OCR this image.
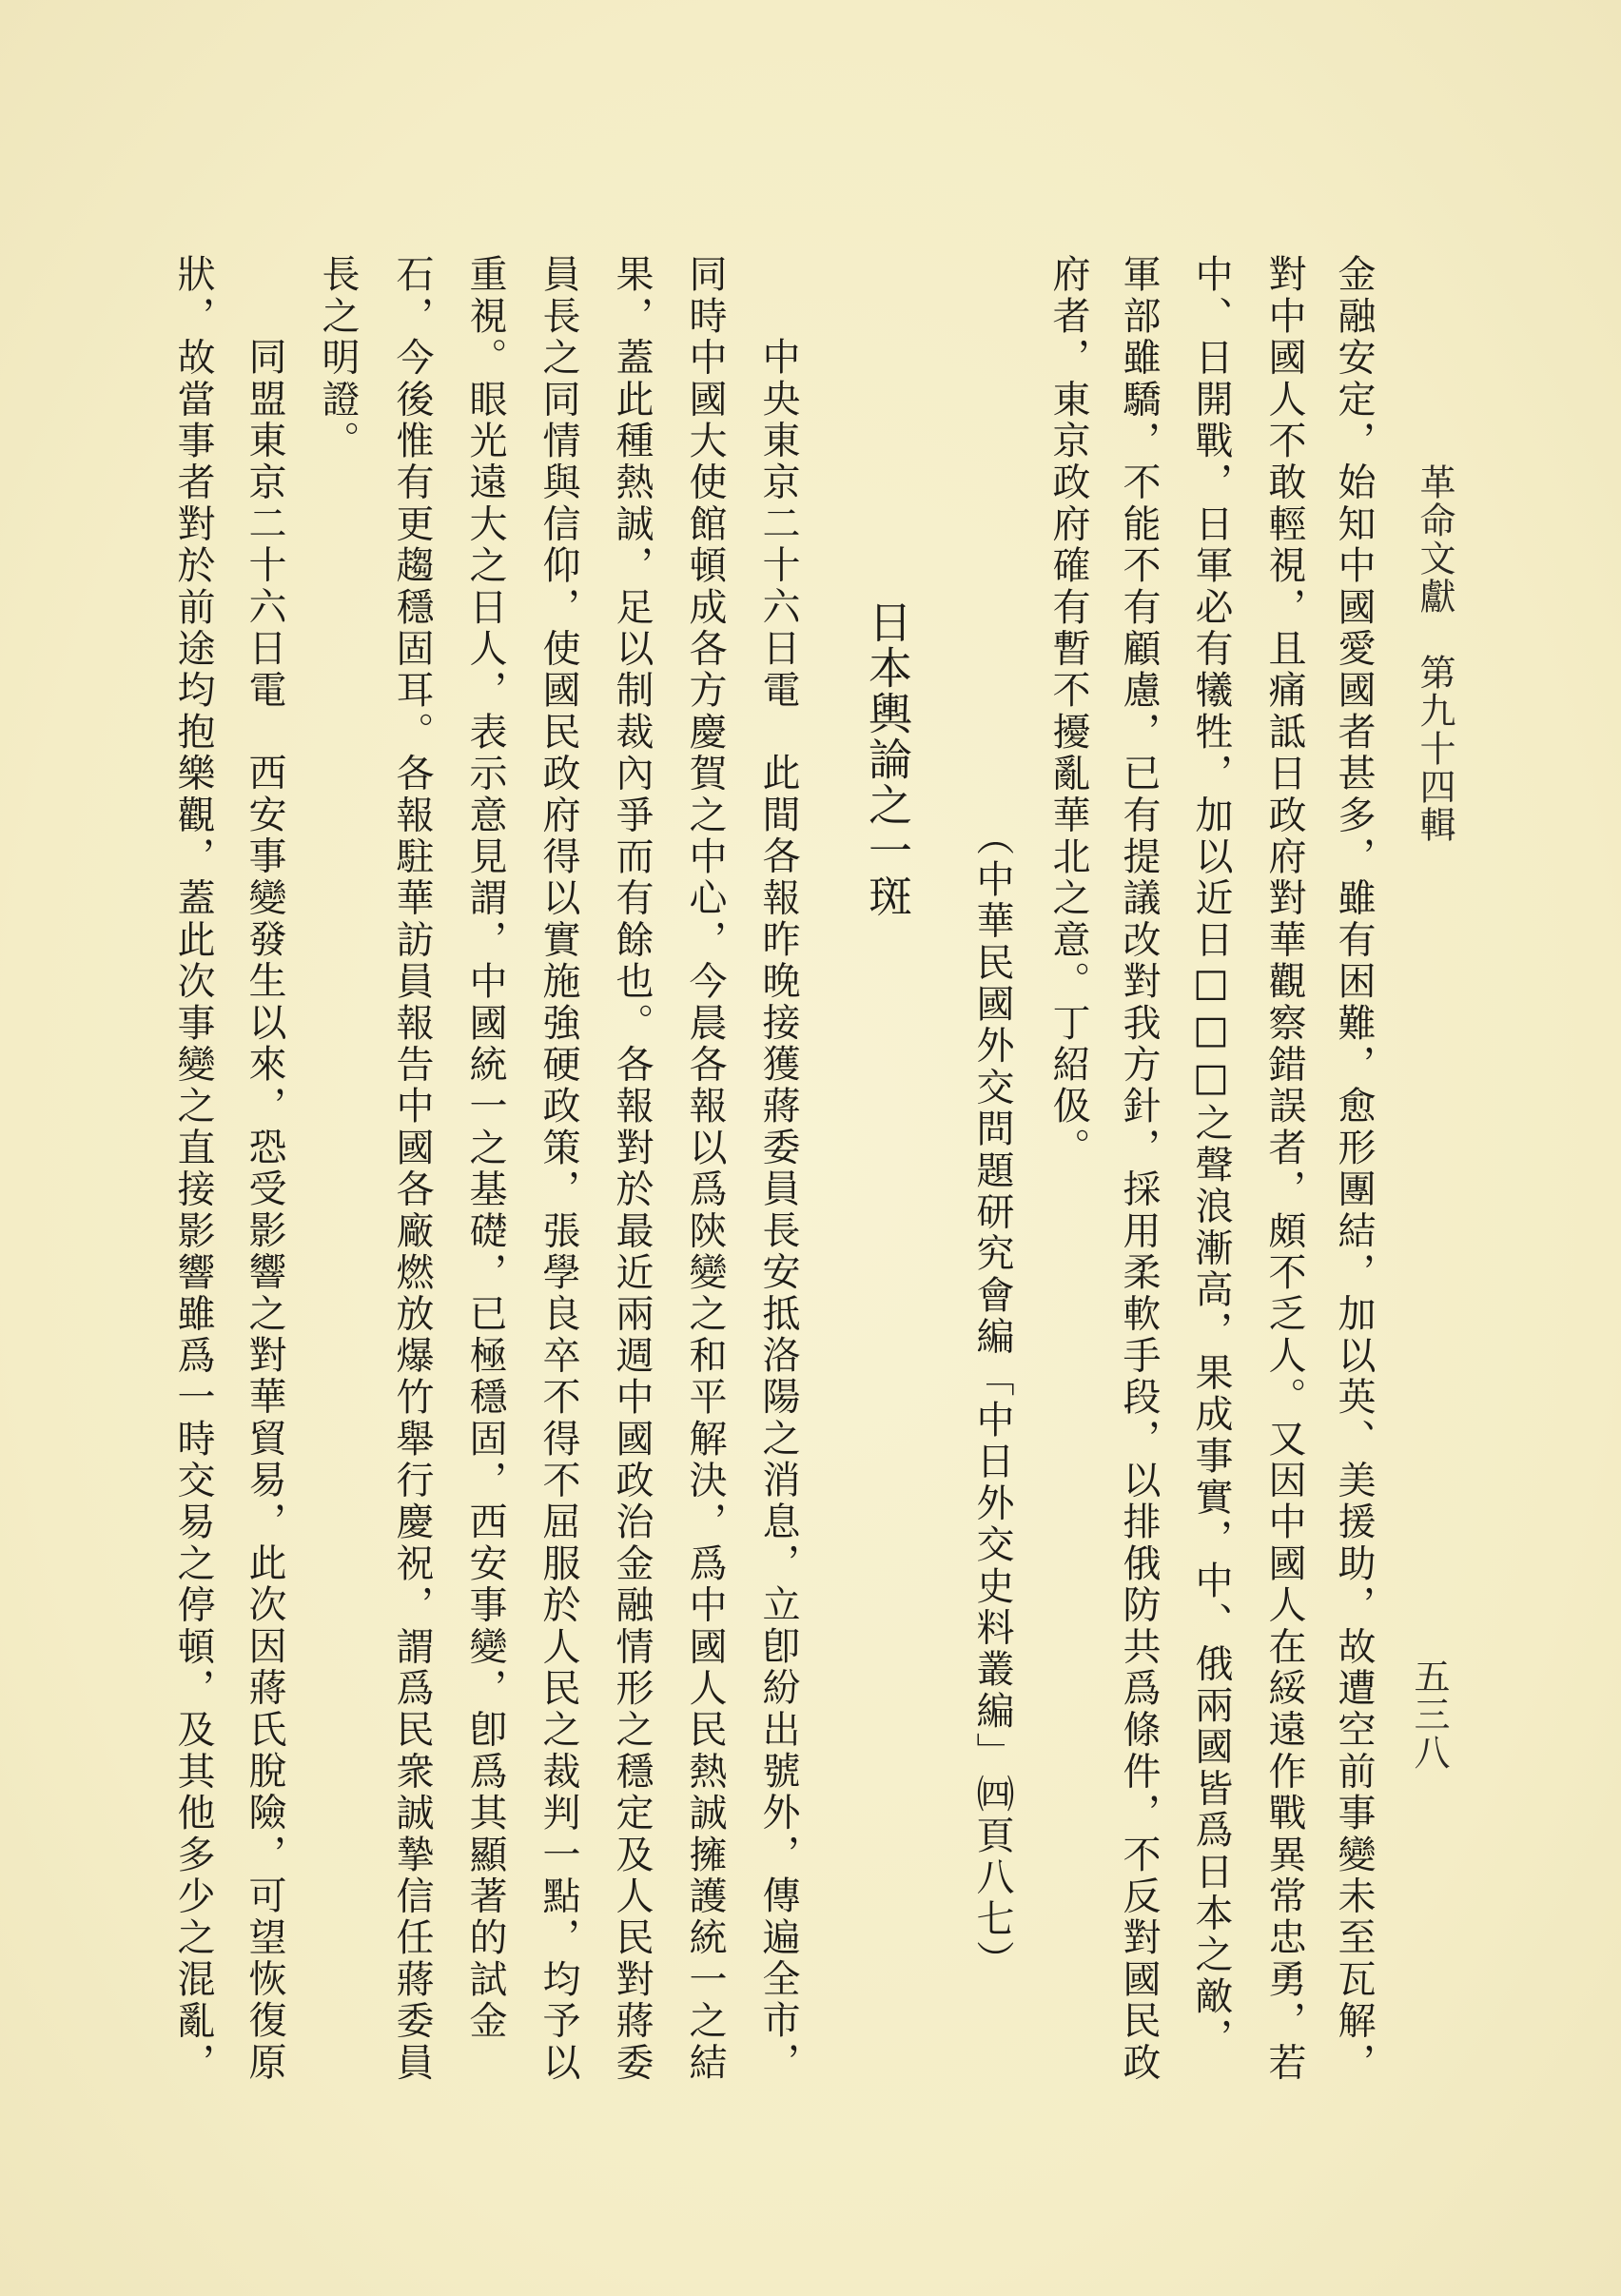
革命文獻　第九十四輯
五三八
金融安定，始知中國愛國者甚多，雖有困難，愈形團結，加以英、美援助，故遭空前事變未至瓦解，
對中國人不敢輕視，且痛詆日政府對華觀察錯誤者，頗不乏人。又因中國人在綏遠作戰異常忠勇，若
中、日開戰，日軍必有犧牲，加以近日□□□之聲浪漸高，果成事實，中、俄兩國皆爲日本之敵，
軍部雖驕，不能不有顧慮，已有提議改對我方針，採用柔軟手段，以排俄防共爲條件，不反對國民政
府者，東京政府確有暫不擾亂華北之意。丁紹伋。
（中華民國外交問題研究會編「中日外交史料叢編」㈣頁八七）
日本輿論之一斑
中央東京二十六日電　此間各報昨晚接獲蔣委員長安抵洛陽之消息，立卽紛出號外，傳遍全市，
同時中國大使館頓成各方慶賀之中心，今晨各報以爲陝變之和平解決，爲中國人民熱誠擁護統一之結
果，蓋此種熱誠，足以制裁內爭而有餘也。各報對於最近兩週中國政治金融情形之穩定及人民對蔣委
員長之同情與信仰，使國民政府得以實施強硬政策，張學良卒不得不屈服於人民之裁判一點，均予以
重視。眼光遠大之日人，表示意見謂，中國統一之基礎，已極穩固，西安事變，卽爲其顯著的試金
石，今後惟有更趨穩固耳。各報駐華訪員報告中國各廠燃放爆竹舉行慶祝，謂爲民衆誠摯信任蔣委員
長之明證。
同盟東京二十六日電　西安事變發生以來，恐受影響之對華貿易，此次因蔣氏脫險，可望恢復原
狀，故當事者對於前途均抱樂觀，蓋此次事變之直接影響雖爲一時交易之停頓，及其他多少之混亂，
